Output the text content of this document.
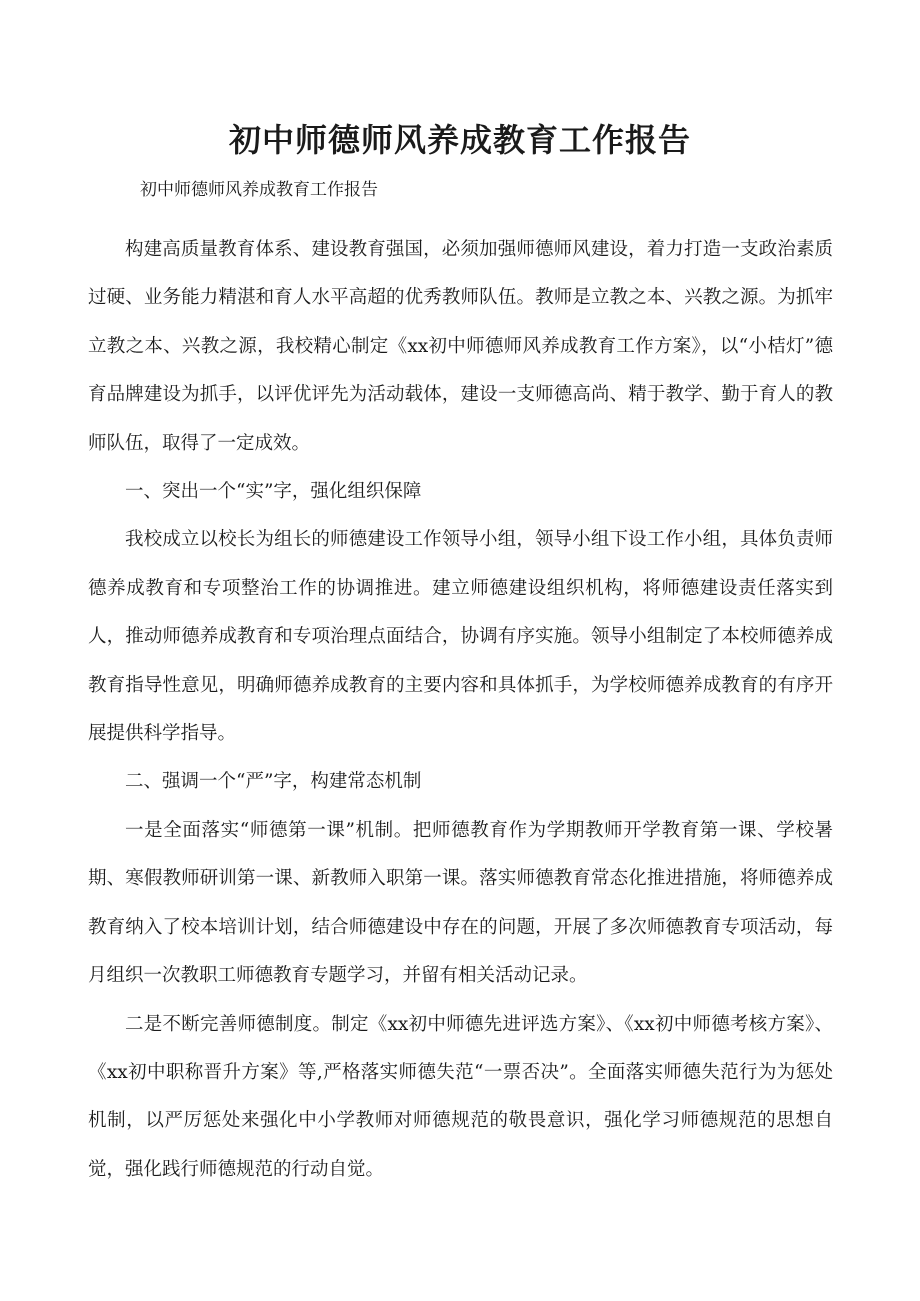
初中师德师风养成教育工作报告

初中师德师风养成教育工作报告

构建高质量教育体系、建设教育强国，必须加强师德师风建设，着力打造一支政治素质过硬、业务能力精湛和育人水平高超的优秀教师队伍。教师是立教之本、兴教之源。为抓牢立教之本、兴教之源，我校精心制定《xx初中师德师风养成教育工作方案》，以“小桔灯”德育品牌建设为抓手，以评优评先为活动载体，建设一支师德高尚、精于教学、勤于育人的教师队伍，取得了一定成效。

一、突出一个“实”字，强化组织保障

我校成立以校长为组长的师德建设工作领导小组，领导小组下设工作小组，具体负责师德养成教育和专项整治工作的协调推进。建立师德建设组织机构，将师德建设责任落实到人，推动师德养成教育和专项治理点面结合，协调有序实施。领导小组制定了本校师德养成教育指导性意见，明确师德养成教育的主要内容和具体抓手，为学校师德养成教育的有序开展提供科学指导。

二、强调一个“严”字，构建常态机制

一是全面落实“师德第一课”机制。把师德教育作为学期教师开学教育第一课、学校暑期、寒假教师研训第一课、新教师入职第一课。落实师德教育常态化推进措施，将师德养成教育纳入了校本培训计划，结合师德建设中存在的问题，开展了多次师德教育专项活动，每月组织一次教职工师德教育专题学习，并留有相关活动记录。

二是不断完善师德制度。制定《xx初中师德先进评选方案》、《xx初中师德考核方案》、《xx初中职称晋升方案》等,严格落实师德失范“一票否决”。全面落实师德失范行为为惩处机制，以严厉惩处来强化中小学教师对师德规范的敬畏意识，强化学习师德规范的思想自觉，强化践行师德规范的行动自觉。
